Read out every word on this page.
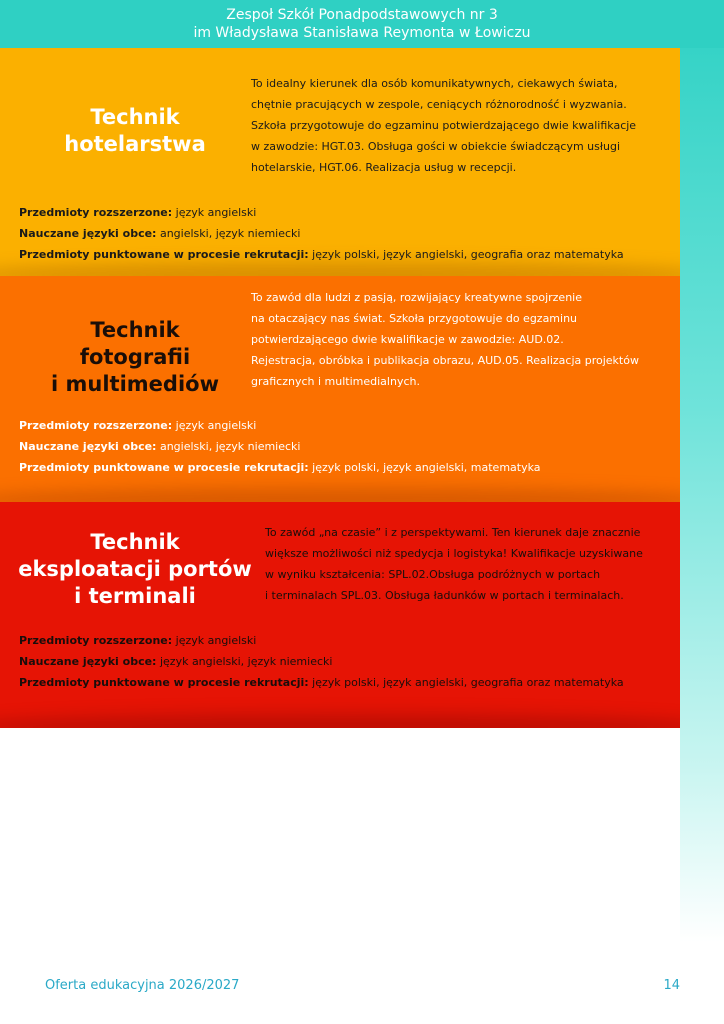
Zespoł Szkół Ponadpodstawowych nr 3
im Władysława Stanisława Reymonta w Łowiczu
Technik
hotelarstwa
To idealny kierunek dla osób komunikatywnych, ciekawych świata,
chętnie pracujących w zespole, ceniących różnorodność i wyzwania.
Szkoła przygotowuje do egzaminu potwierdzającego dwie kwalifikacje
w zawodzie: HGT.03. Obsługa gości w obiekcie świadczącym usługi
hotelarskie, HGT.06. Realizacja usług w recepcji.
Przedmioty rozszerzone: język angielski
Nauczane języki obce: angielski, język niemiecki
Przedmioty punktowane w procesie rekrutacji: język polski, język angielski, geografia oraz matematyka
Technik
fotografii
i multimediów
To zawód dla ludzi z pasją, rozwijający kreatywne spojrzenie
na otaczający nas świat. Szkoła przygotowuje do egzaminu
potwierdzającego dwie kwalifikacje w zawodzie: AUD.02.
Rejestracja, obróbka i publikacja obrazu, AUD.05. Realizacja projektów
graficznych i multimedialnych.
Przedmioty rozszerzone: język angielski
Nauczane języki obce: angielski, język niemiecki
Przedmioty punktowane w procesie rekrutacji: język polski, język angielski, matematyka
Technik
eksploatacji portów
i terminali
To zawód „na czasie” i z perspektywami. Ten kierunek daje znacznie
większe możliwości niż spedycja i logistyka! Kwalifikacje uzyskiwane
w wyniku kształcenia: SPL.02.Obsługa podróżnych w portach
i terminalach SPL.03. Obsługa ładunków w portach i terminalach.
Przedmioty rozszerzone: język angielski
Nauczane języki obce: język angielski, język niemiecki
Przedmioty punktowane w procesie rekrutacji: język polski, język angielski, geografia oraz matematyka
Oferta edukacyjna 2026/2027	14
